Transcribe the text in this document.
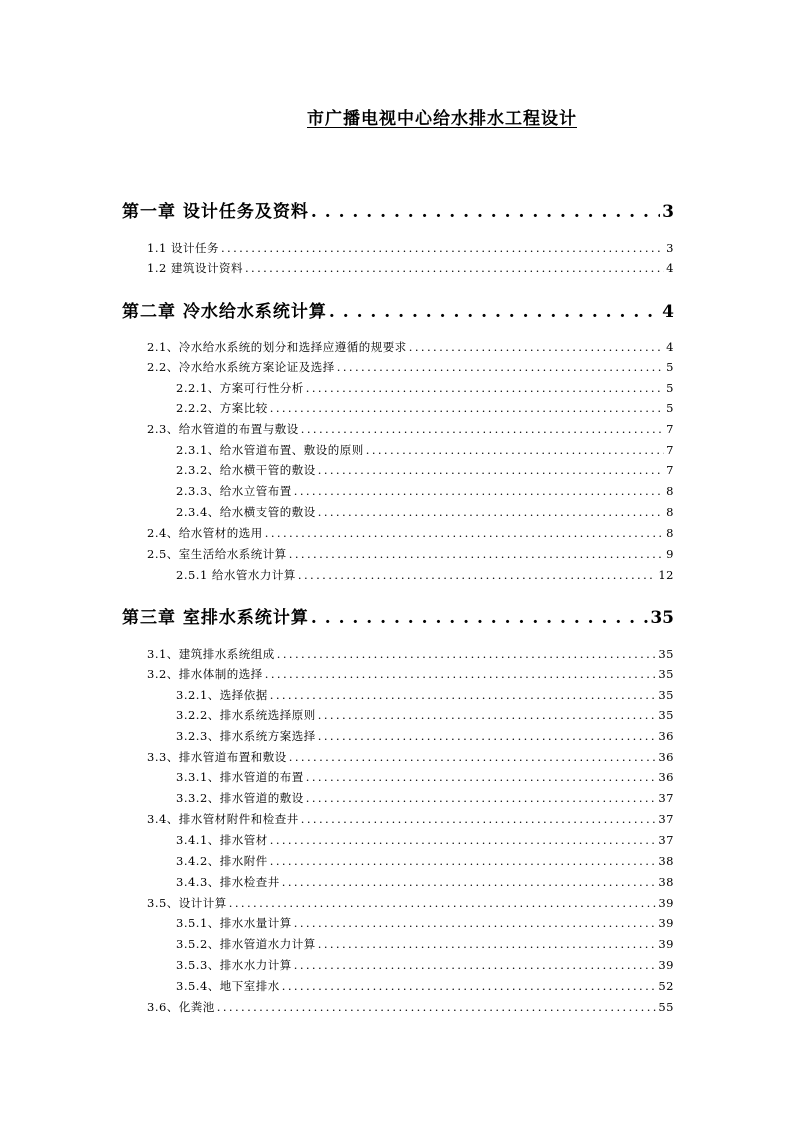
市广播电视中心给水排水工程设计
第一章 设计任务及资料 . . .	3
1.1 设计任务 .....	3
1.2 建筑设计资料 .....	4
第二章 冷水给水系统计算 . . .	4
2.1、冷水给水系统的划分和选择应遵循的规要求 .....	4
2.2、冷水给水系统方案论证及选择 .....	5
2.2.1、方案可行性分析 .....	5
2.2.2、方案比较 .....	5
2.3、给水管道的布置与敷设 .....	7
2.3.1、给水管道布置、敷设的原则 .....	7
2.3.2、给水横干管的敷设 .....	7
2.3.3、给水立管布置 .....	8
2.3.4、给水横支管的敷设 .....	8
2.4、给水管材的选用 .....	8
2.5、室生活给水系统计算 .....	9
2.5.1 给水管水力计算 .....	12
第三章 室排水系统计算 . . .	35
3.1、建筑排水系统组成 .....	35
3.2、排水体制的选择 .....	35
3.2.1、选择依据 .....	35
3.2.2、排水系统选择原则 .....	35
3.2.3、排水系统方案选择 .....	36
3.3、排水管道布置和敷设 .....	36
3.3.1、排水管道的布置 .....	36
3.3.2、排水管道的敷设 .....	37
3.4、排水管材附件和检查井 .....	37
3.4.1、排水管材 .....	37
3.4.2、排水附件 .....	38
3.4.3、排水检查井 .....	38
3.5、设计计算 .....	39
3.5.1、排水水量计算 .....	39
3.5.2、排水管道水力计算 .....	39
3.5.3、排水水力计算 .....	39
3.5.4、地下室排水 .....	52
3.6、化粪池 .....	55
